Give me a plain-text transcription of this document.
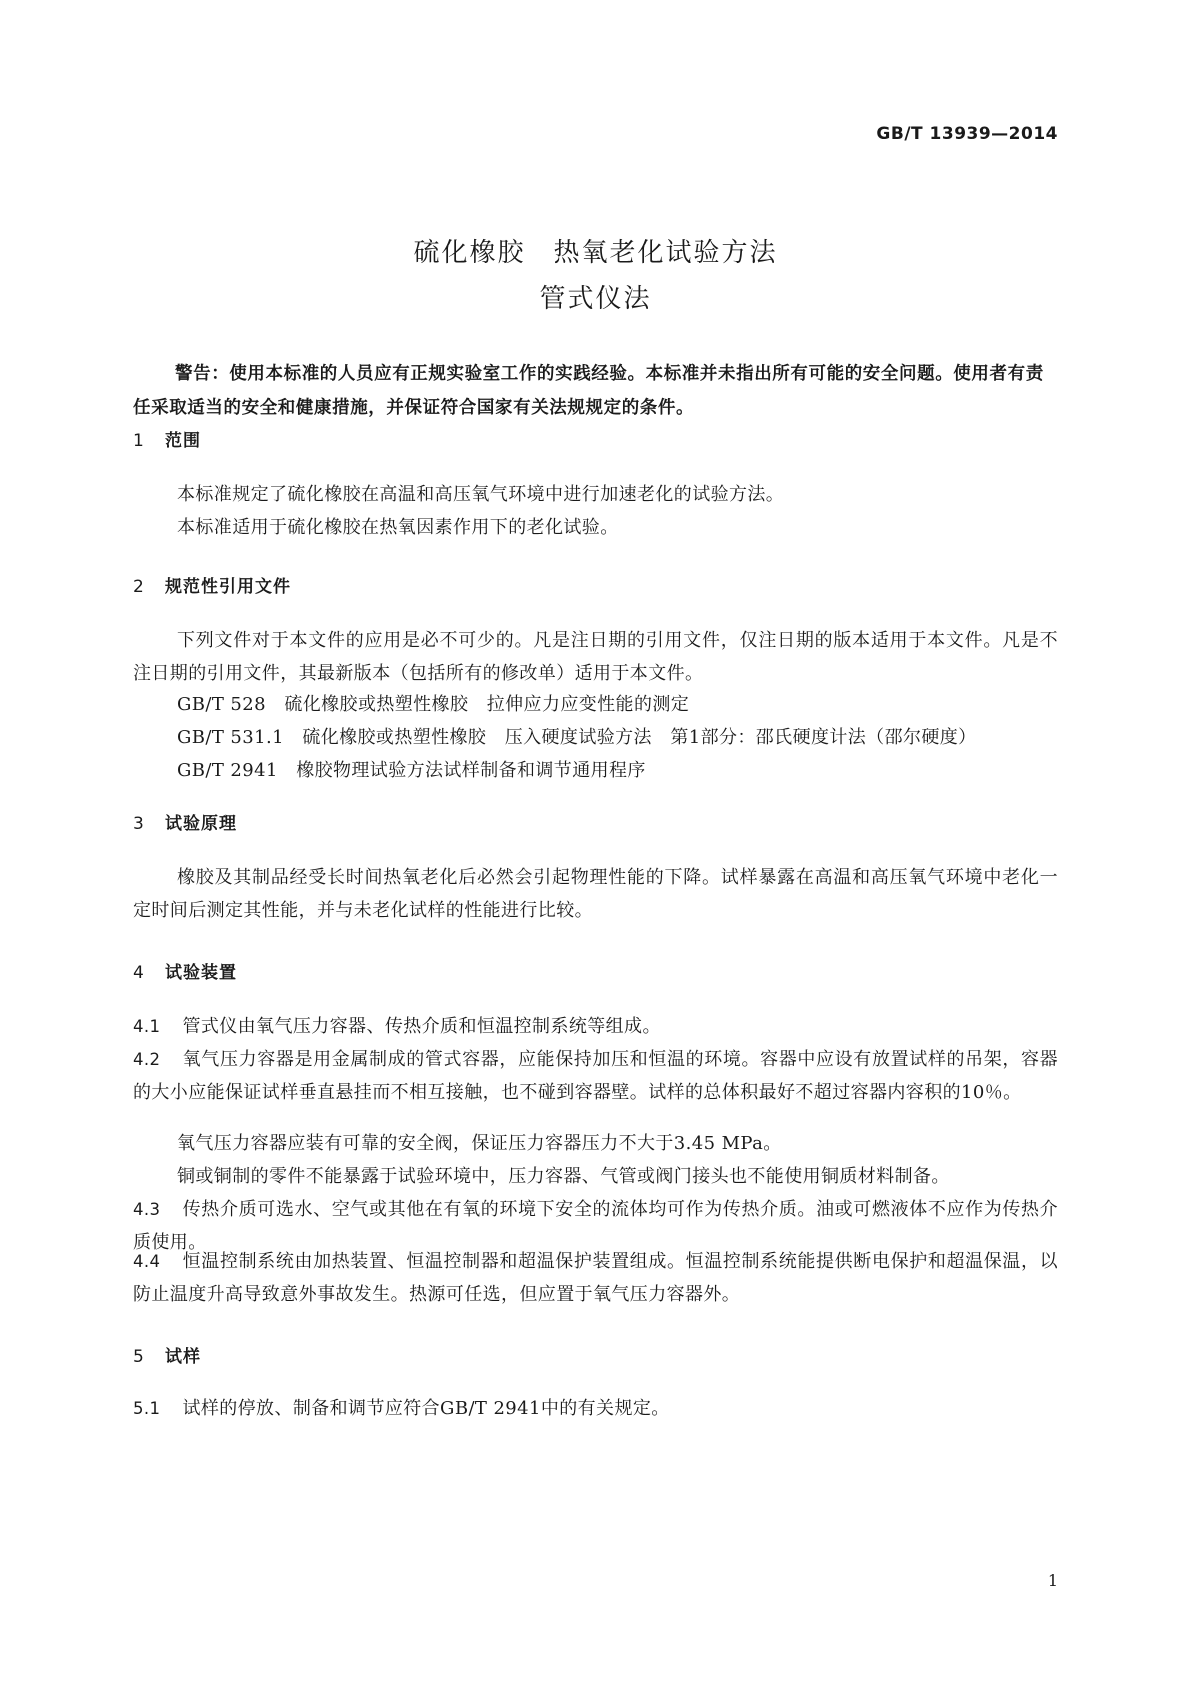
GB/T 13939—2014
硫化橡胶　热氧老化试验方法
管式仪法
警告：使用本标准的人员应有正规实验室工作的实践经验。本标准并未指出所有可能的安全问题。使用者有责任采取适当的安全和健康措施，并保证符合国家有关法规规定的条件。
1 范围
本标准规定了硫化橡胶在高温和高压氧气环境中进行加速老化的试验方法。
本标准适用于硫化橡胶在热氧因素作用下的老化试验。
2 规范性引用文件
下列文件对于本文件的应用是必不可少的。凡是注日期的引用文件，仅注日期的版本适用于本文件。凡是不注日期的引用文件，其最新版本（包括所有的修改单）适用于本文件。
GB/T 528　硫化橡胶或热塑性橡胶　拉伸应力应变性能的测定
GB/T 531.1　硫化橡胶或热塑性橡胶　压入硬度试验方法　第1部分：邵氏硬度计法（邵尔硬度）
GB/T 2941　橡胶物理试验方法试样制备和调节通用程序
3 试验原理
橡胶及其制品经受长时间热氧老化后必然会引起物理性能的下降。试样暴露在高温和高压氧气环境中老化一定时间后测定其性能，并与未老化试样的性能进行比较。
4 试验装置
4.1 管式仪由氧气压力容器、传热介质和恒温控制系统等组成。
4.2 氧气压力容器是用金属制成的管式容器，应能保持加压和恒温的环境。容器中应设有放置试样的吊架，容器的大小应能保证试样垂直悬挂而不相互接触，也不碰到容器壁。试样的总体积最好不超过容器内容积的10％。
氧气压力容器应装有可靠的安全阀，保证压力容器压力不大于3.45 MPa。
铜或铜制的零件不能暴露于试验环境中，压力容器、气管或阀门接头也不能使用铜质材料制备。
4.3 传热介质可选水、空气或其他在有氧的环境下安全的流体均可作为传热介质。油或可燃液体不应作为传热介质使用。
4.4 恒温控制系统由加热装置、恒温控制器和超温保护装置组成。恒温控制系统能提供断电保护和超温保温，以防止温度升高导致意外事故发生。热源可任选，但应置于氧气压力容器外。
5 试样
5.1 试样的停放、制备和调节应符合GB/T 2941中的有关规定。
1
